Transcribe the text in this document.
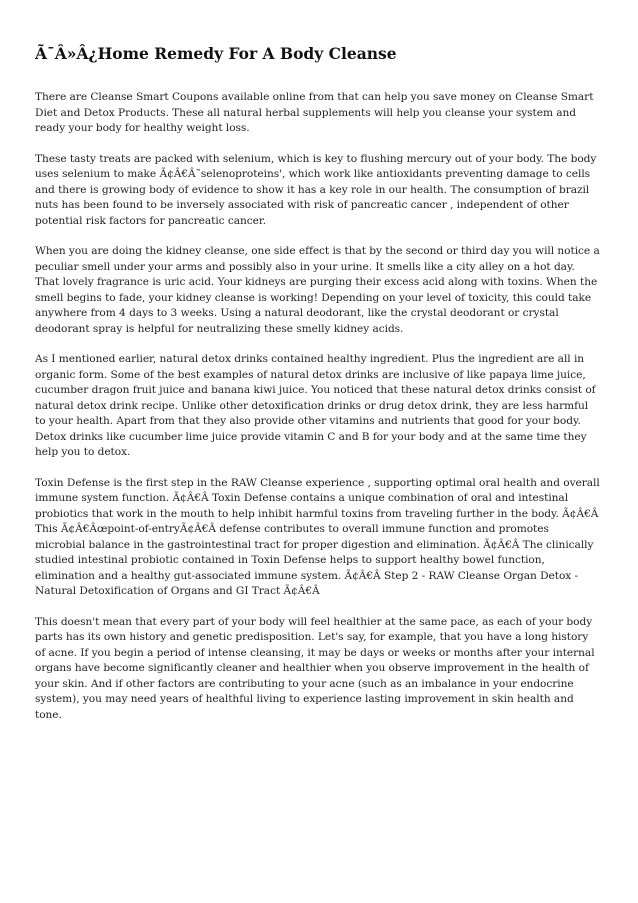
Ã¯Â»Â¿Home Remedy For A Body Cleanse

There are Cleanse Smart Coupons available online from that can help you save money on Cleanse Smart Diet and Detox Products. These all natural herbal supplements will help you cleanse your system and ready your body for healthy weight loss.

These tasty treats are packed with selenium, which is key to flushing mercury out of your body. The body uses selenium to make Ã¢Â€Â˜selenoproteins', which work like antioxidants preventing damage to cells and there is growing body of evidence to show it has a key role in our health. The consumption of brazil nuts has been found to be inversely associated with risk of pancreatic cancer , independent of other potential risk factors for pancreatic cancer.

When you are doing the kidney cleanse, one side effect is that by the second or third day you will notice a peculiar smell under your arms and possibly also in your urine. It smells like a city alley on a hot day. That lovely fragrance is uric acid. Your kidneys are purging their excess acid along with toxins. When the smell begins to fade, your kidney cleanse is working! Depending on your level of toxicity, this could take anywhere from 4 days to 3 weeks. Using a natural deodorant, like the crystal deodorant or crystal deodorant spray is helpful for neutralizing these smelly kidney acids.

As I mentioned earlier, natural detox drinks contained healthy ingredient. Plus the ingredient are all in organic form. Some of the best examples of natural detox drinks are inclusive of like papaya lime juice, cucumber dragon fruit juice and banana kiwi juice. You noticed that these natural detox drinks consist of natural detox drink recipe. Unlike other detoxification drinks or drug detox drink, they are less harmful to your health. Apart from that they also provide other vitamins and nutrients that good for your body. Detox drinks like cucumber lime juice provide vitamin C and B for your body and at the same time they help you to detox.

Toxin Defense is the first step in the RAW Cleanse experience , supporting optimal oral health and overall immune system function. Ã¢Â€Â Toxin Defense contains a unique combination of oral and intestinal probiotics that work in the mouth to help inhibit harmful toxins from traveling further in the body. Ã¢Â€Â This Ã¢Â€Âœpoint-of-entryÃ¢Â€Â defense contributes to overall immune function and promotes microbial balance in the gastrointestinal tract for proper digestion and elimination. Ã¢Â€Â The clinically studied intestinal probiotic contained in Toxin Defense helps to support healthy bowel function, elimination and a healthy gut-associated immune system. Ã¢Â€Â Step 2 - RAW Cleanse Organ Detox - Natural Detoxification of Organs and GI Tract Ã¢Â€Â

This doesn't mean that every part of your body will feel healthier at the same pace, as each of your body parts has its own history and genetic predisposition. Let's say, for example, that you have a long history of acne. If you begin a period of intense cleansing, it may be days or weeks or months after your internal organs have become significantly cleaner and healthier when you observe improvement in the health of your skin. And if other factors are contributing to your acne (such as an imbalance in your endocrine system), you may need years of healthful living to experience lasting improvement in skin health and tone.
